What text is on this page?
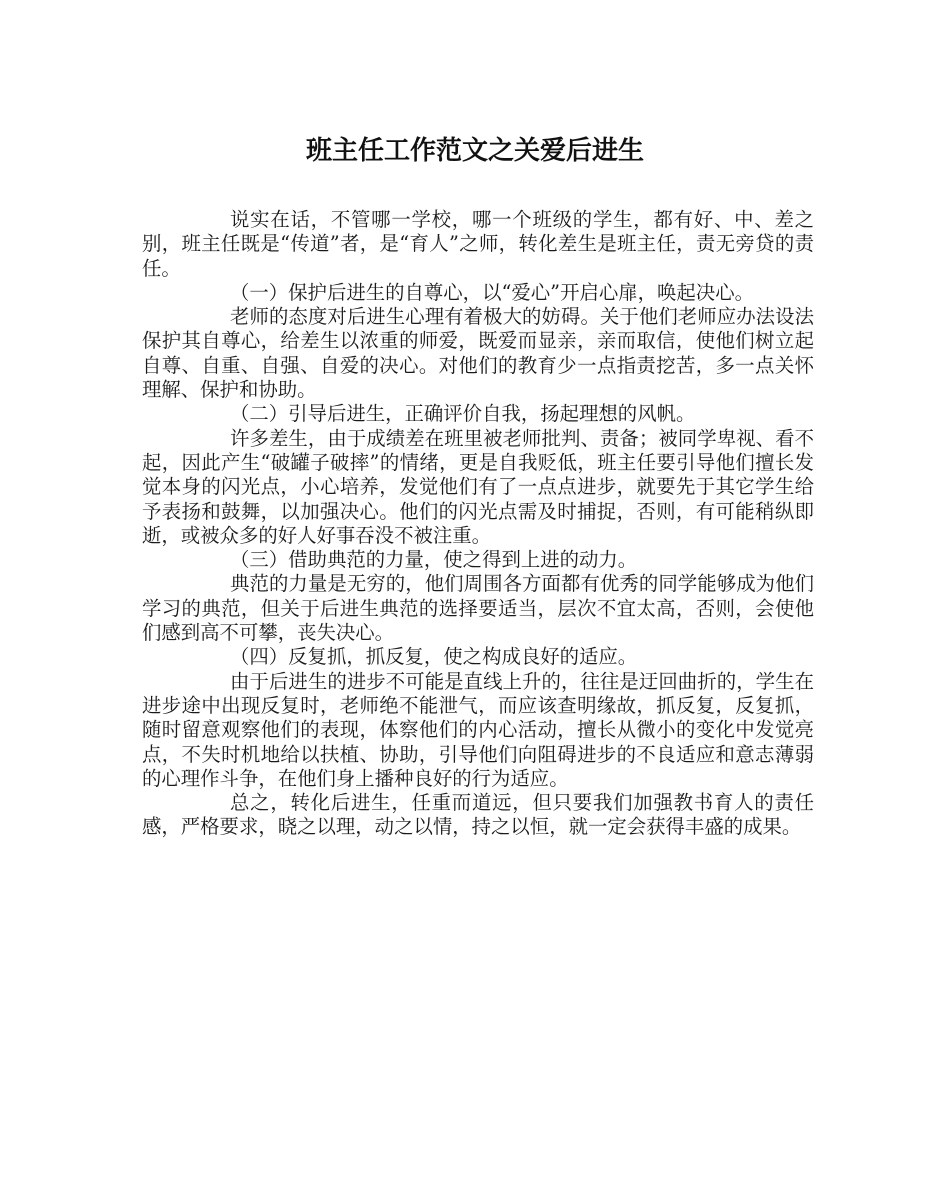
班主任工作范文之关爱后进生

说实在话，不管哪一学校，哪一个班级的学生，都有好、中、差之别，班主任既是“传道”者，是“育人”之师，转化差生是班主任，责无旁贷的责任。

（一）保护后进生的自尊心，以“爱心”开启心扉，唤起决心。

老师的态度对后进生心理有着极大的妨碍。关于他们老师应办法设法保护其自尊心，给差生以浓重的师爱，既爱而显亲，亲而取信，使他们树立起自尊、自重、自强、自爱的决心。对他们的教育少一点指责挖苦，多一点关怀理解、保护和协助。

（二）引导后进生，正确评价自我，扬起理想的风帆。

许多差生，由于成绩差在班里被老师批判、责备；被同学卑视、看不起，因此产生“破罐子破摔”的情绪，更是自我贬低，班主任要引导他们擅长发觉本身的闪光点，小心培养，发觉他们有了一点点进步，就要先于其它学生给予表扬和鼓舞，以加强决心。他们的闪光点需及时捕捉，否则，有可能稍纵即逝，或被众多的好人好事吞没不被注重。

（三）借助典范的力量，使之得到上进的动力。

典范的力量是无穷的，他们周围各方面都有优秀的同学能够成为他们学习的典范，但关于后进生典范的选择要适当，层次不宜太高，否则，会使他们感到高不可攀，丧失决心。

（四）反复抓，抓反复，使之构成良好的适应。

由于后进生的进步不可能是直线上升的，往往是迂回曲折的，学生在进步途中出现反复时，老师绝不能泄气，而应该查明缘故，抓反复，反复抓，随时留意观察他们的表现，体察他们的内心活动，擅长从微小的变化中发觉亮点，不失时机地给以扶植、协助，引导他们向阻碍进步的不良适应和意志薄弱的心理作斗争，在他们身上播种良好的行为适应。

总之，转化后进生，任重而道远，但只要我们加强教书育人的责任感，严格要求，晓之以理，动之以情，持之以恒，就一定会获得丰盛的成果。
